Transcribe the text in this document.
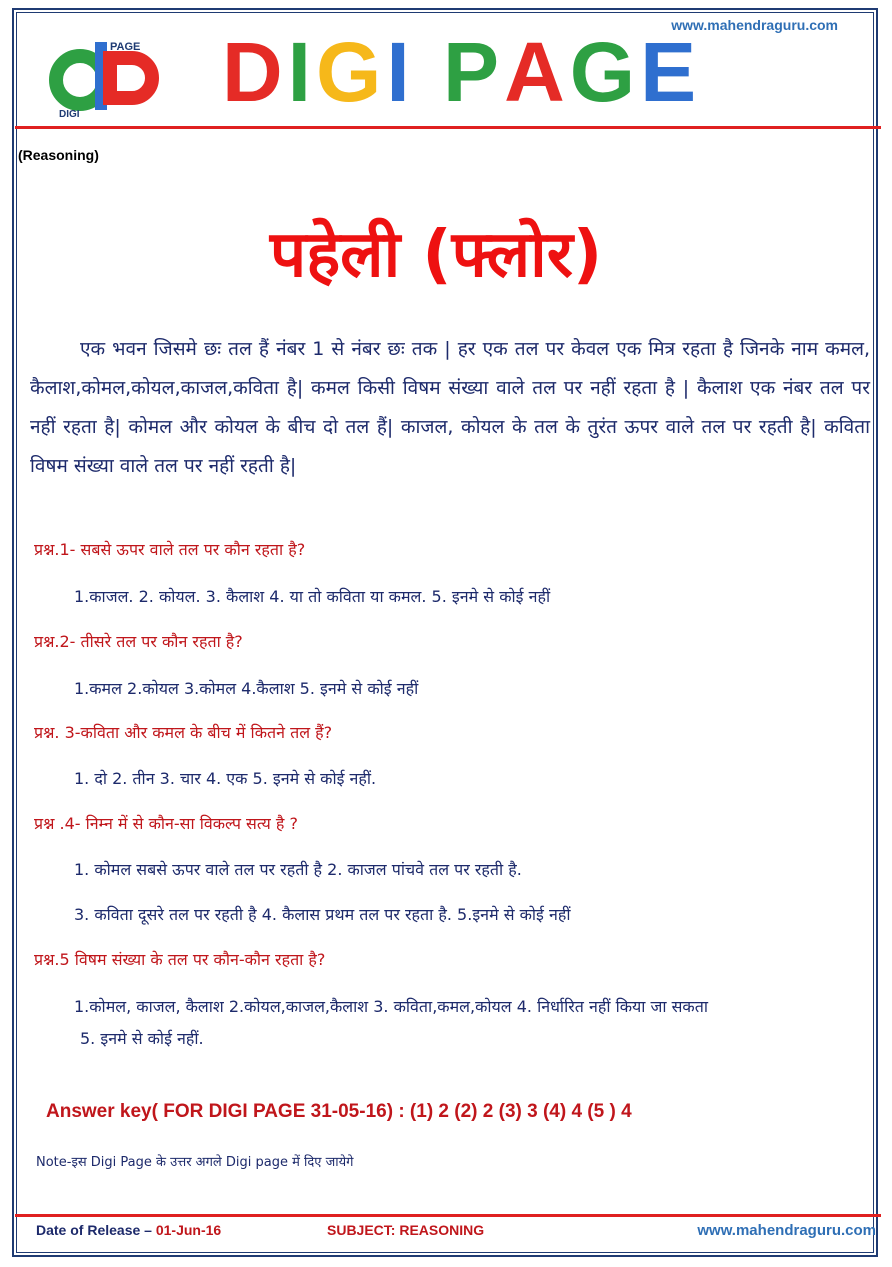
www.mahendraguru.com
PAGE
DIGI DIGI PAGE
(Reasoning)
पहेली (फ्लोर)
एक भवन जिसमे छः तल हैं नंबर 1 से नंबर छः तक | हर एक तल पर केवल एक मित्र रहता है जिनके नाम कमल, कैलाश,कोमल,कोयल,काजल,कविता है| कमल किसी विषम संख्या वाले तल पर नहीं रहता है | कैलाश एक नंबर तल पर नहीं रहता है| कोमल और कोयल के बीच दो तल हैं| काजल, कोयल के तल के तुरंत ऊपर वाले तल पर रहती है| कविता विषम संख्या वाले तल पर नहीं रहती है|
प्रश्न.1- सबसे ऊपर वाले तल पर कौन रहता है?
1.काजल. 2. कोयल. 3. कैलाश 4. या तो कविता या कमल. 5. इनमे से कोई नहीं
प्रश्न.2- तीसरे तल पर कौन रहता है?
1.कमल 2.कोयल 3.कोमल 4.कैलाश 5. इनमे से कोई नहीं
प्रश्न. 3-कविता और कमल के बीच में कितने तल हैं?
1. दो 2. तीन 3. चार 4. एक 5. इनमे से कोई नहीं.
प्रश्न .4- निम्न में से कौन-सा विकल्प सत्य है ?
1. कोमल सबसे ऊपर वाले तल पर रहती है 2. काजल पांचवे तल पर रहती है.
3. कविता दूसरे तल पर रहती है 4. कैलास प्रथम तल पर रहता है. 5.इनमे से कोई नहीं
प्रश्न.5 विषम संख्या के तल पर कौन-कौन रहता है?
1.कोमल, काजल, कैलाश 2.कोयल,काजल,कैलाश 3. कविता,कमल,कोयल 4. निर्धारित नहीं किया जा सकता
5. इनमे से कोई नहीं.
Answer key( FOR DIGI PAGE 31-05-16) : (1) 2 (2) 2 (3) 3 (4) 4 (5 ) 4
Note-इस Digi Page के उत्तर अगले Digi page में दिए जायेगे
Date of Release – 01-Jun-16	SUBJECT: REASONING	www.mahendraguru.com
